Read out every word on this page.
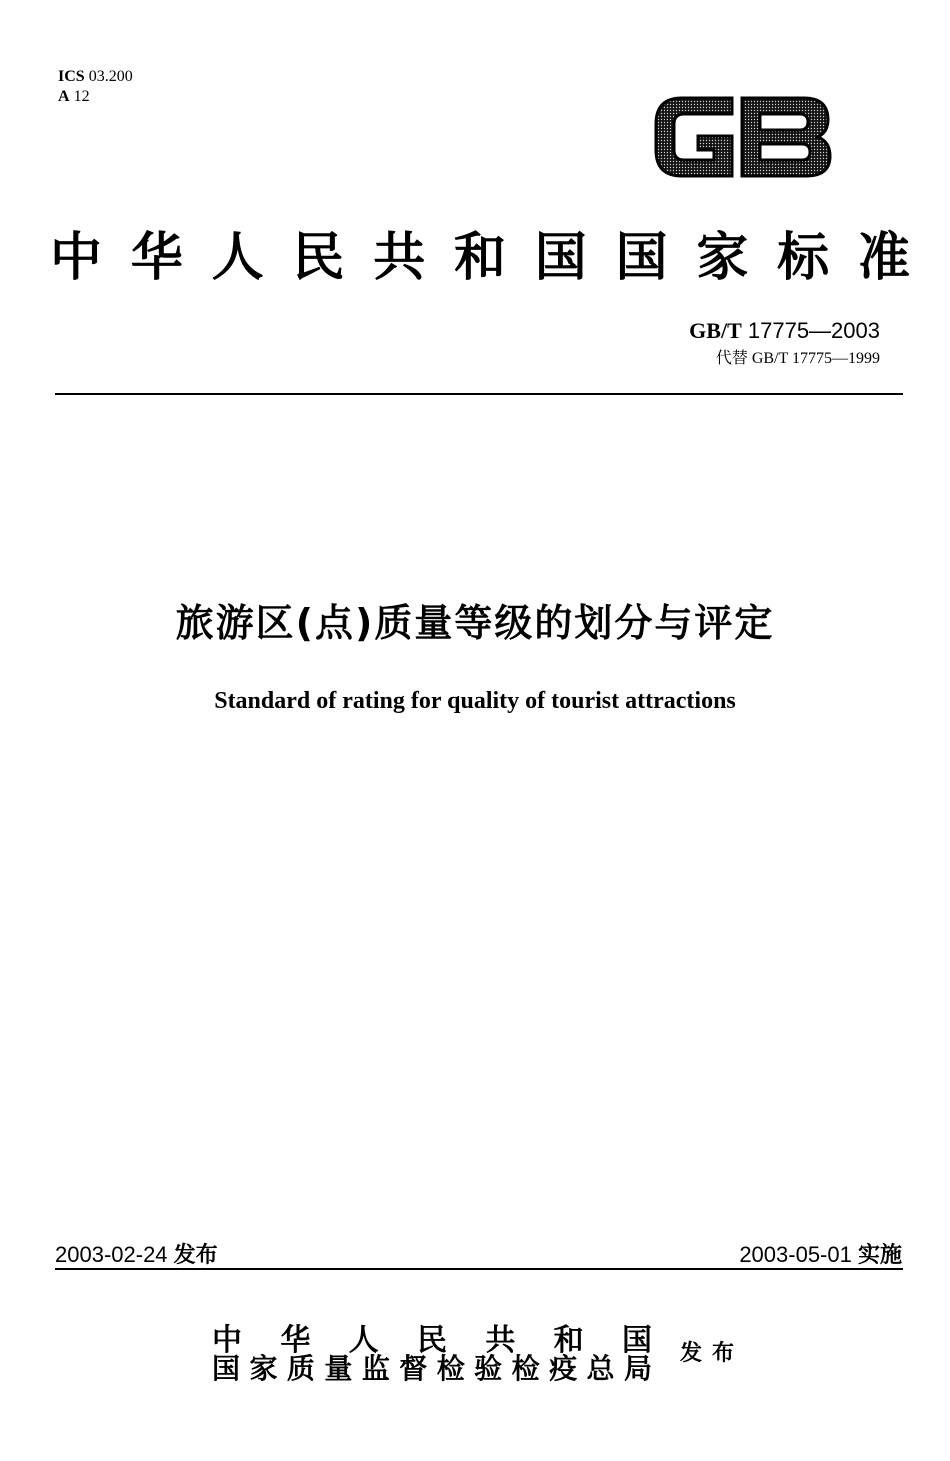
ICS 03.200
A 12
中 华 人 民 共 和 国 国 家 标 准
GB/T 17775—2003
代替 GB/T 17775—1999
旅游区(点)质量等级的划分与评定
Standard of rating for quality of tourist attractions
2003-02-24 发布	2003-05-01 实施
中 华 人 民 共 和 国
国 家 质 量 监 督 检 验 检 疫 总 局 发布
